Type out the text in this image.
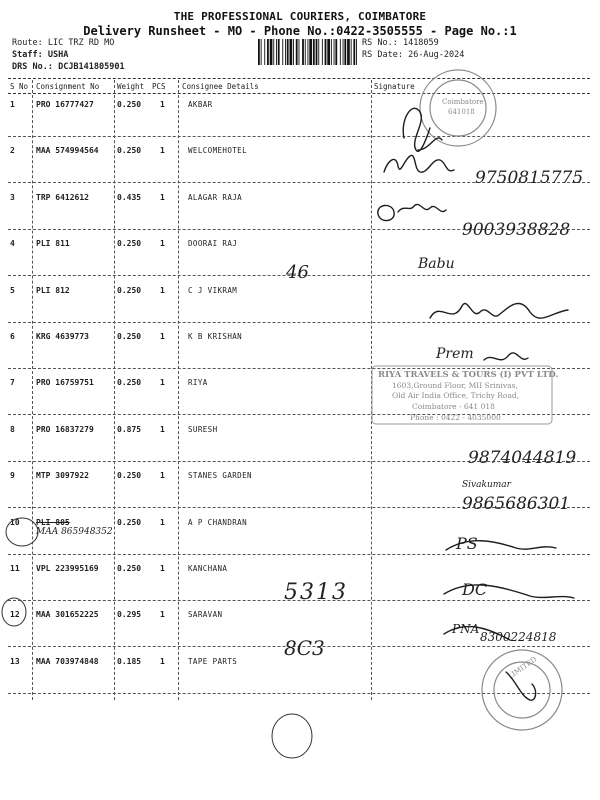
THE PROFESSIONAL COURIERS, COIMBATORE
Delivery Runsheet - MO - Phone No.:0422-3505555 - Page No.:1
Route: LIC TRZ RD MO
Staff: USHA
DRS No.: DCJB141805901
RS No.: 1418059
RS Date: 26-Aug-2024
S No Consignment No Weight PCS Consignee Details	Signature
1	PRO 16777427	0.250 1	AKBAR
2	MAA 574994564 0.250 1	WELCOMEHOTEL
3	TRP 6412612	0.435 1	ALAGAR RAJA
4	PLI 811	0.250 1	DOORAI RAJ
5	PLI 812	0.250 1	C J VIKRAM
6	KRG 4639773	0.250 1	K B KRISHAN
7	PRO 16759751	0.250 1	RIYA
8	PRO 16837279	0.875 1	SURESH
9	MTP 3097922	0.250 1	STANES GARDEN
10 PLI 805	0.250 1	A P CHANDRAN
11 VPL 223995169 0.250 1	KANCHANA
12 MAA 301652225 0.295 1	SARAVAN
13 MAA 703974848 0.185 1	TAPE PARTS
MAA 865948352
46
5313
8C3
9750815775
9003938828
Babu
Prem
9874044819
Sivakumar
9865686301
8300224818
PS
DC
PNA
RIYA TRAVELS & TOURS (I) PVT LTD.
1603,Ground Floor, MII Srinivas,
Old Air India Office, Trichy Road,
Coimbatore - 641 018
Phone : 0422 - 4035000
Coimbatore
641018
LIMITED
